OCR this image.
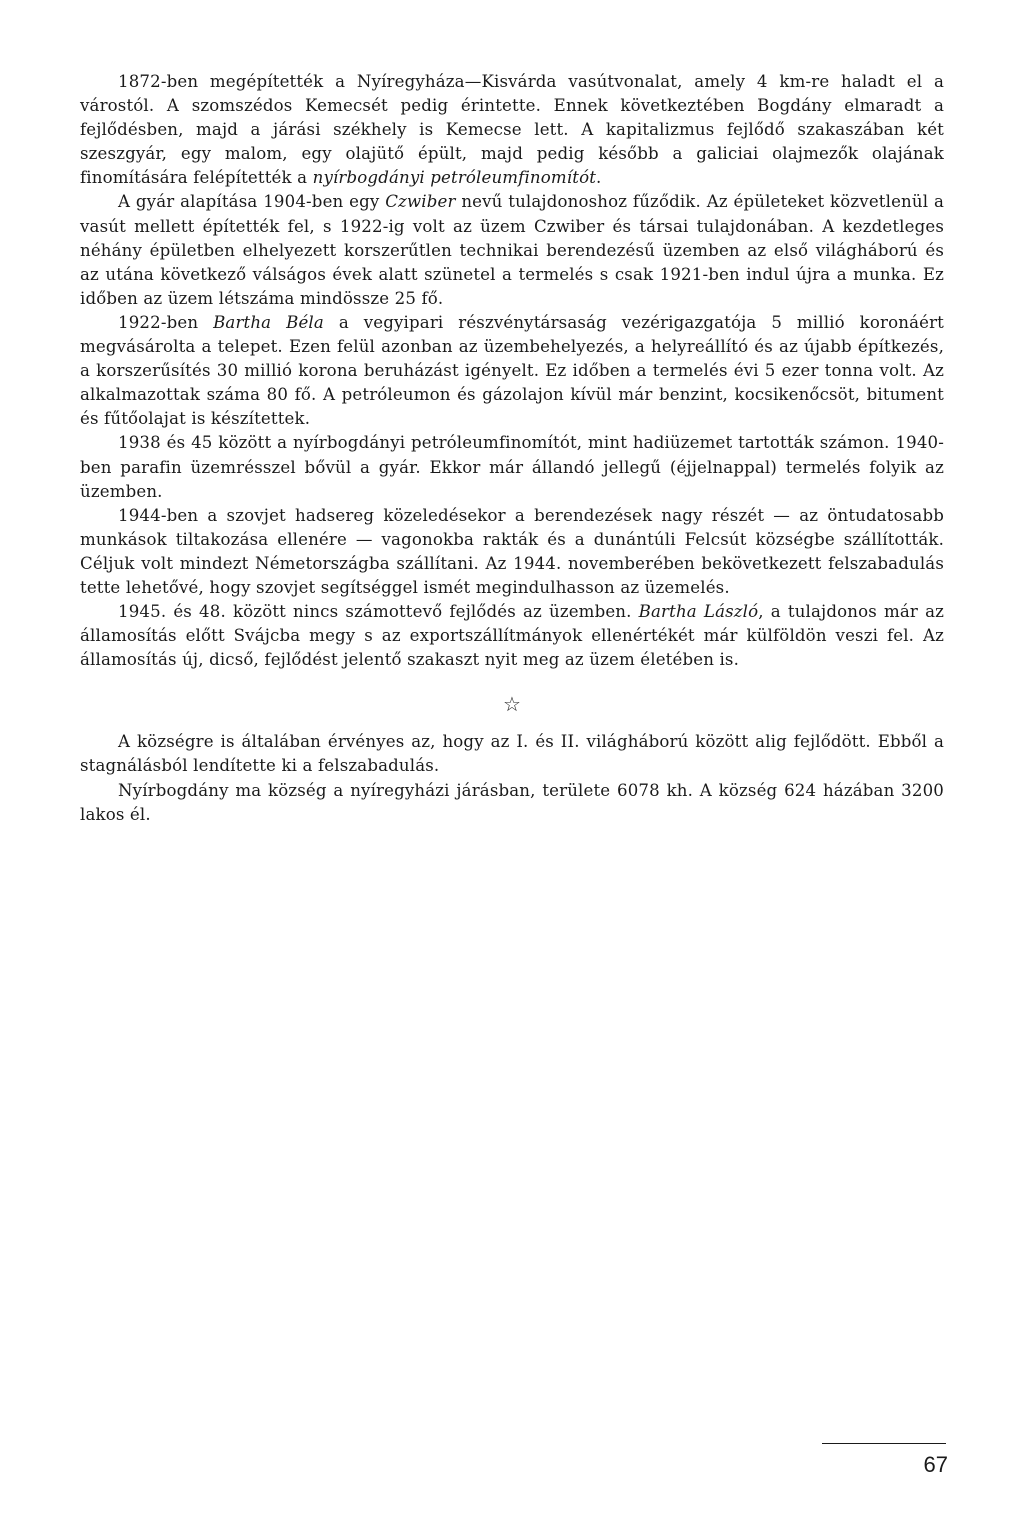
1872-ben megépítették a Nyíregyháza—Kisvárda vasútvonalat, amely 4 km-re haladt el a várostól. A szomszédos Kemecsét pedig érintette. Ennek következtében Bogdány elmaradt a fejlődésben, majd a járási székhely is Kemecse lett. A kapitalizmus fejlődő szakaszában két szeszgyár, egy malom, egy olajütő épült, majd pedig később a galiciai olajmezők olajának finomítására felépítették a nyírbogdányi petróleumfinomítót.

A gyár alapítása 1904-ben egy Czwiber nevű tulajdonoshoz fűződik. Az épületeket közvetlenül a vasút mellett építették fel, s 1922-ig volt az üzem Czwiber és társai tulajdonában. A kezdetleges néhány épületben elhelyezett korszerűtlen technikai berendezésű üzemben az első világháború és az utána következő válságos évek alatt szünetel a termelés s csak 1921-ben indul újra a munka. Ez időben az üzem létszáma mindössze 25 fő.

1922-ben Bartha Béla a vegyipari részvénytársaság vezérigazgatója 5 millió koronáért megvásárolta a telepet. Ezen felül azonban az üzembehelyezés, a helyreállító és az újabb építkezés, a korszerűsítés 30 millió korona beruházást igényelt. Ez időben a termelés évi 5 ezer tonna volt. Az alkalmazottak száma 80 fő. A petróleumon és gázolajon kívül már benzint, kocsikenőcsöt, bitument és fűtőolajat is készítettek.

1938 és 45 között a nyírbogdányi petróleumfinomítót, mint hadiüzemet tartották számon. 1940-ben parafin üzemrésszel bővül a gyár. Ekkor már állandó jellegű (éjjelnappal) termelés folyik az üzemben.

1944-ben a szovjet hadsereg közeledésekor a berendezések nagy részét — az öntudatosabb munkások tiltakozása ellenére — vagonokba rakták és a dunántúli Felcsút községbe szállították. Céljuk volt mindezt Németországba szállítani. Az 1944. novemberében bekövetkezett felszabadulás tette lehetővé, hogy szovjet segítséggel ismét megindulhasson az üzemelés.

1945. és 48. között nincs számottevő fejlődés az üzemben. Bartha László, a tulajdonos már az államosítás előtt Svájcba megy s az exportszállítmányok ellenértékét már külföldön veszi fel. Az államosítás új, dicső, fejlődést jelentő szakaszt nyit meg az üzem életében is.

☆

A községre is általában érvényes az, hogy az I. és II. világháború között alig fejlődött. Ebből a stagnálásból lendítette ki a felszabadulás.

Nyírbogdány ma község a nyíregyházi járásban, területe 6078 kh. A község 624 házában 3200 lakos él.

67
